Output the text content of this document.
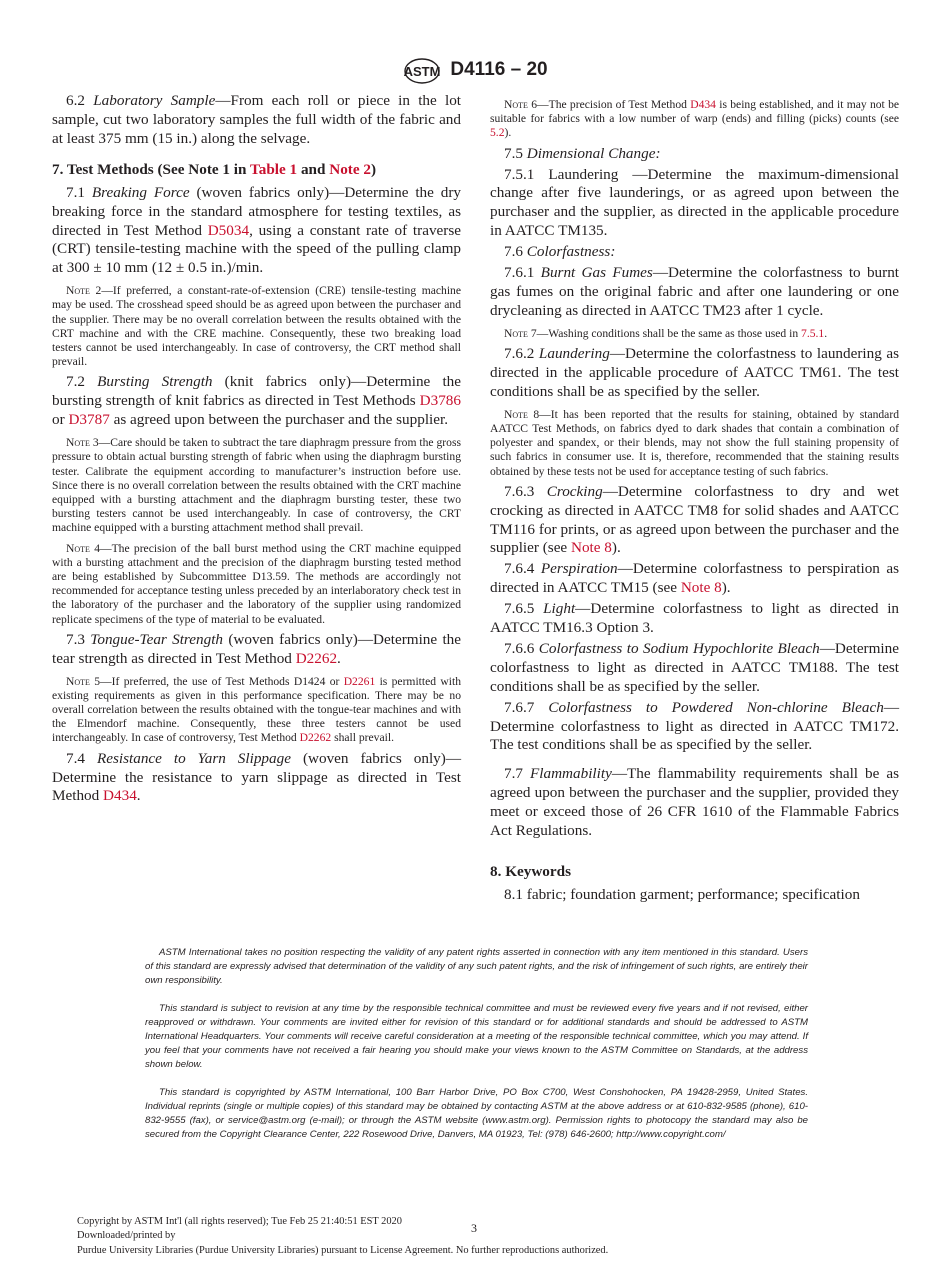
ASTM D4116 – 20

6.2 Laboratory Sample—From each roll or piece in the lot sample, cut two laboratory samples the full width of the fabric and at least 375 mm (15 in.) along the selvage.

7. Test Methods (See Note 1 in Table 1 and Note 2)

7.1 Breaking Force (woven fabrics only)—Determine the dry breaking force in the standard atmosphere for testing textiles, as directed in Test Method D5034, using a constant rate of traverse (CRT) tensile-testing machine with the speed of the pulling clamp at 300 ± 10 mm (12 ± 0.5 in.)/min.

Note 2—If preferred, a constant-rate-of-extension (CRE) tensile-testing machine may be used. The crosshead speed should be as agreed upon between the purchaser and the supplier. There may be no overall correlation between the results obtained with the CRT machine and with the CRE machine. Consequently, these two breaking load testers cannot be used interchangeably. In case of controversy, the CRT method shall prevail.

7.2 Bursting Strength (knit fabrics only)—Determine the bursting strength of knit fabrics as directed in Test Methods D3786 or D3787 as agreed upon between the purchaser and the supplier.

Note 3—Care should be taken to subtract the tare diaphragm pressure from the gross pressure to obtain actual bursting strength of fabric when using the diaphragm bursting tester. Calibrate the equipment according to manufacturer’s instruction before use. Since there is no overall correlation between the results obtained with the CRT machine equipped with a bursting attachment and the diaphragm bursting tester, these two bursting testers cannot be used interchangeably. In case of controversy, the CRT machine equipped with a bursting attachment method shall prevail.

Note 4—The precision of the ball burst method using the CRT machine equipped with a bursting attachment and the precision of the diaphragm bursting tested method are being established by Subcommittee D13.59. The methods are accordingly not recommended for acceptance testing unless preceded by an interlaboratory check test in the laboratory of the purchaser and the laboratory of the supplier using randomized replicate specimens of the type of material to be evaluated.

7.3 Tongue-Tear Strength (woven fabrics only)—Determine the tear strength as directed in Test Method D2262.

Note 5—If preferred, the use of Test Methods D1424 or D2261 is permitted with existing requirements as given in this performance specification. There may be no overall correlation between the results obtained with the tongue-tear machines and with the Elmendorf machine. Consequently, these three testers cannot be used interchangeably. In case of controversy, Test Method D2262 shall prevail.

7.4 Resistance to Yarn Slippage (woven fabrics only)—Determine the resistance to yarn slippage as directed in Test Method D434.

Note 6—The precision of Test Method D434 is being established, and it may not be suitable for fabrics with a low number of warp (ends) and filling (picks) counts (see 5.2).

7.5 Dimensional Change:

7.5.1 Laundering —Determine the maximum-dimensional change after five launderings, or as agreed upon between the purchaser and the supplier, as directed in the applicable procedure in AATCC TM135.

7.6 Colorfastness:

7.6.1 Burnt Gas Fumes—Determine the colorfastness to burnt gas fumes on the original fabric and after one laundering or one drycleaning as directed in AATCC TM23 after 1 cycle.

Note 7—Washing conditions shall be the same as those used in 7.5.1.

7.6.2 Laundering—Determine the colorfastness to laundering as directed in the applicable procedure of AATCC TM61. The test conditions shall be as specified by the seller.

Note 8—It has been reported that the results for staining, obtained by standard AATCC Test Methods, on fabrics dyed to dark shades that contain a combination of polyester and spandex, or their blends, may not show the full staining propensity of such fabrics in consumer use. It is, therefore, recommended that the staining results obtained by these tests not be used for acceptance testing of such fabrics.

7.6.3 Crocking—Determine colorfastness to dry and wet crocking as directed in AATCC TM8 for solid shades and AATCC TM116 for prints, or as agreed upon between the purchaser and the supplier (see Note 8).

7.6.4 Perspiration—Determine colorfastness to perspiration as directed in AATCC TM15 (see Note 8).

7.6.5 Light—Determine colorfastness to light as directed in AATCC TM16.3 Option 3.

7.6.6 Colorfastness to Sodium Hypochlorite Bleach—Determine colorfastness to light as directed in AATCC TM188. The test conditions shall be as specified by the seller.

7.6.7 Colorfastness to Powdered Non-chlorine Bleach—Determine colorfastness to light as directed in AATCC TM172. The test conditions shall be as specified by the seller.

7.7 Flammability—The flammability requirements shall be as agreed upon between the purchaser and the supplier, provided they meet or exceed those of 26 CFR 1610 of the Flammable Fabrics Act Regulations.

8. Keywords

8.1 fabric; foundation garment; performance; specification

ASTM International takes no position respecting the validity of any patent rights asserted in connection with any item mentioned in this standard. Users of this standard are expressly advised that determination of the validity of any such patent rights, and the risk of infringement of such rights, are entirely their own responsibility.

This standard is subject to revision at any time by the responsible technical committee and must be reviewed every five years and if not revised, either reapproved or withdrawn. Your comments are invited either for revision of this standard or for additional standards and should be addressed to ASTM International Headquarters. Your comments will receive careful consideration at a meeting of the responsible technical committee, which you may attend. If you feel that your comments have not received a fair hearing you should make your views known to the ASTM Committee on Standards, at the address shown below.

This standard is copyrighted by ASTM International, 100 Barr Harbor Drive, PO Box C700, West Conshohocken, PA 19428-2959, United States. Individual reprints (single or multiple copies) of this standard may be obtained by contacting ASTM at the above address or at 610-832-9585 (phone), 610-832-9555 (fax), or service@astm.org (e-mail); or through the ASTM website (www.astm.org). Permission rights to photocopy the standard may also be secured from the Copyright Clearance Center, 222 Rosewood Drive, Danvers, MA 01923, Tel: (978) 646-2600; http://www.copyright.com/

Copyright by ASTM Int'l (all rights reserved); Tue Feb 25 21:40:51 EST 2020
Downloaded/printed by
Purdue University Libraries (Purdue University Libraries) pursuant to License Agreement. No further reproductions authorized.
3
